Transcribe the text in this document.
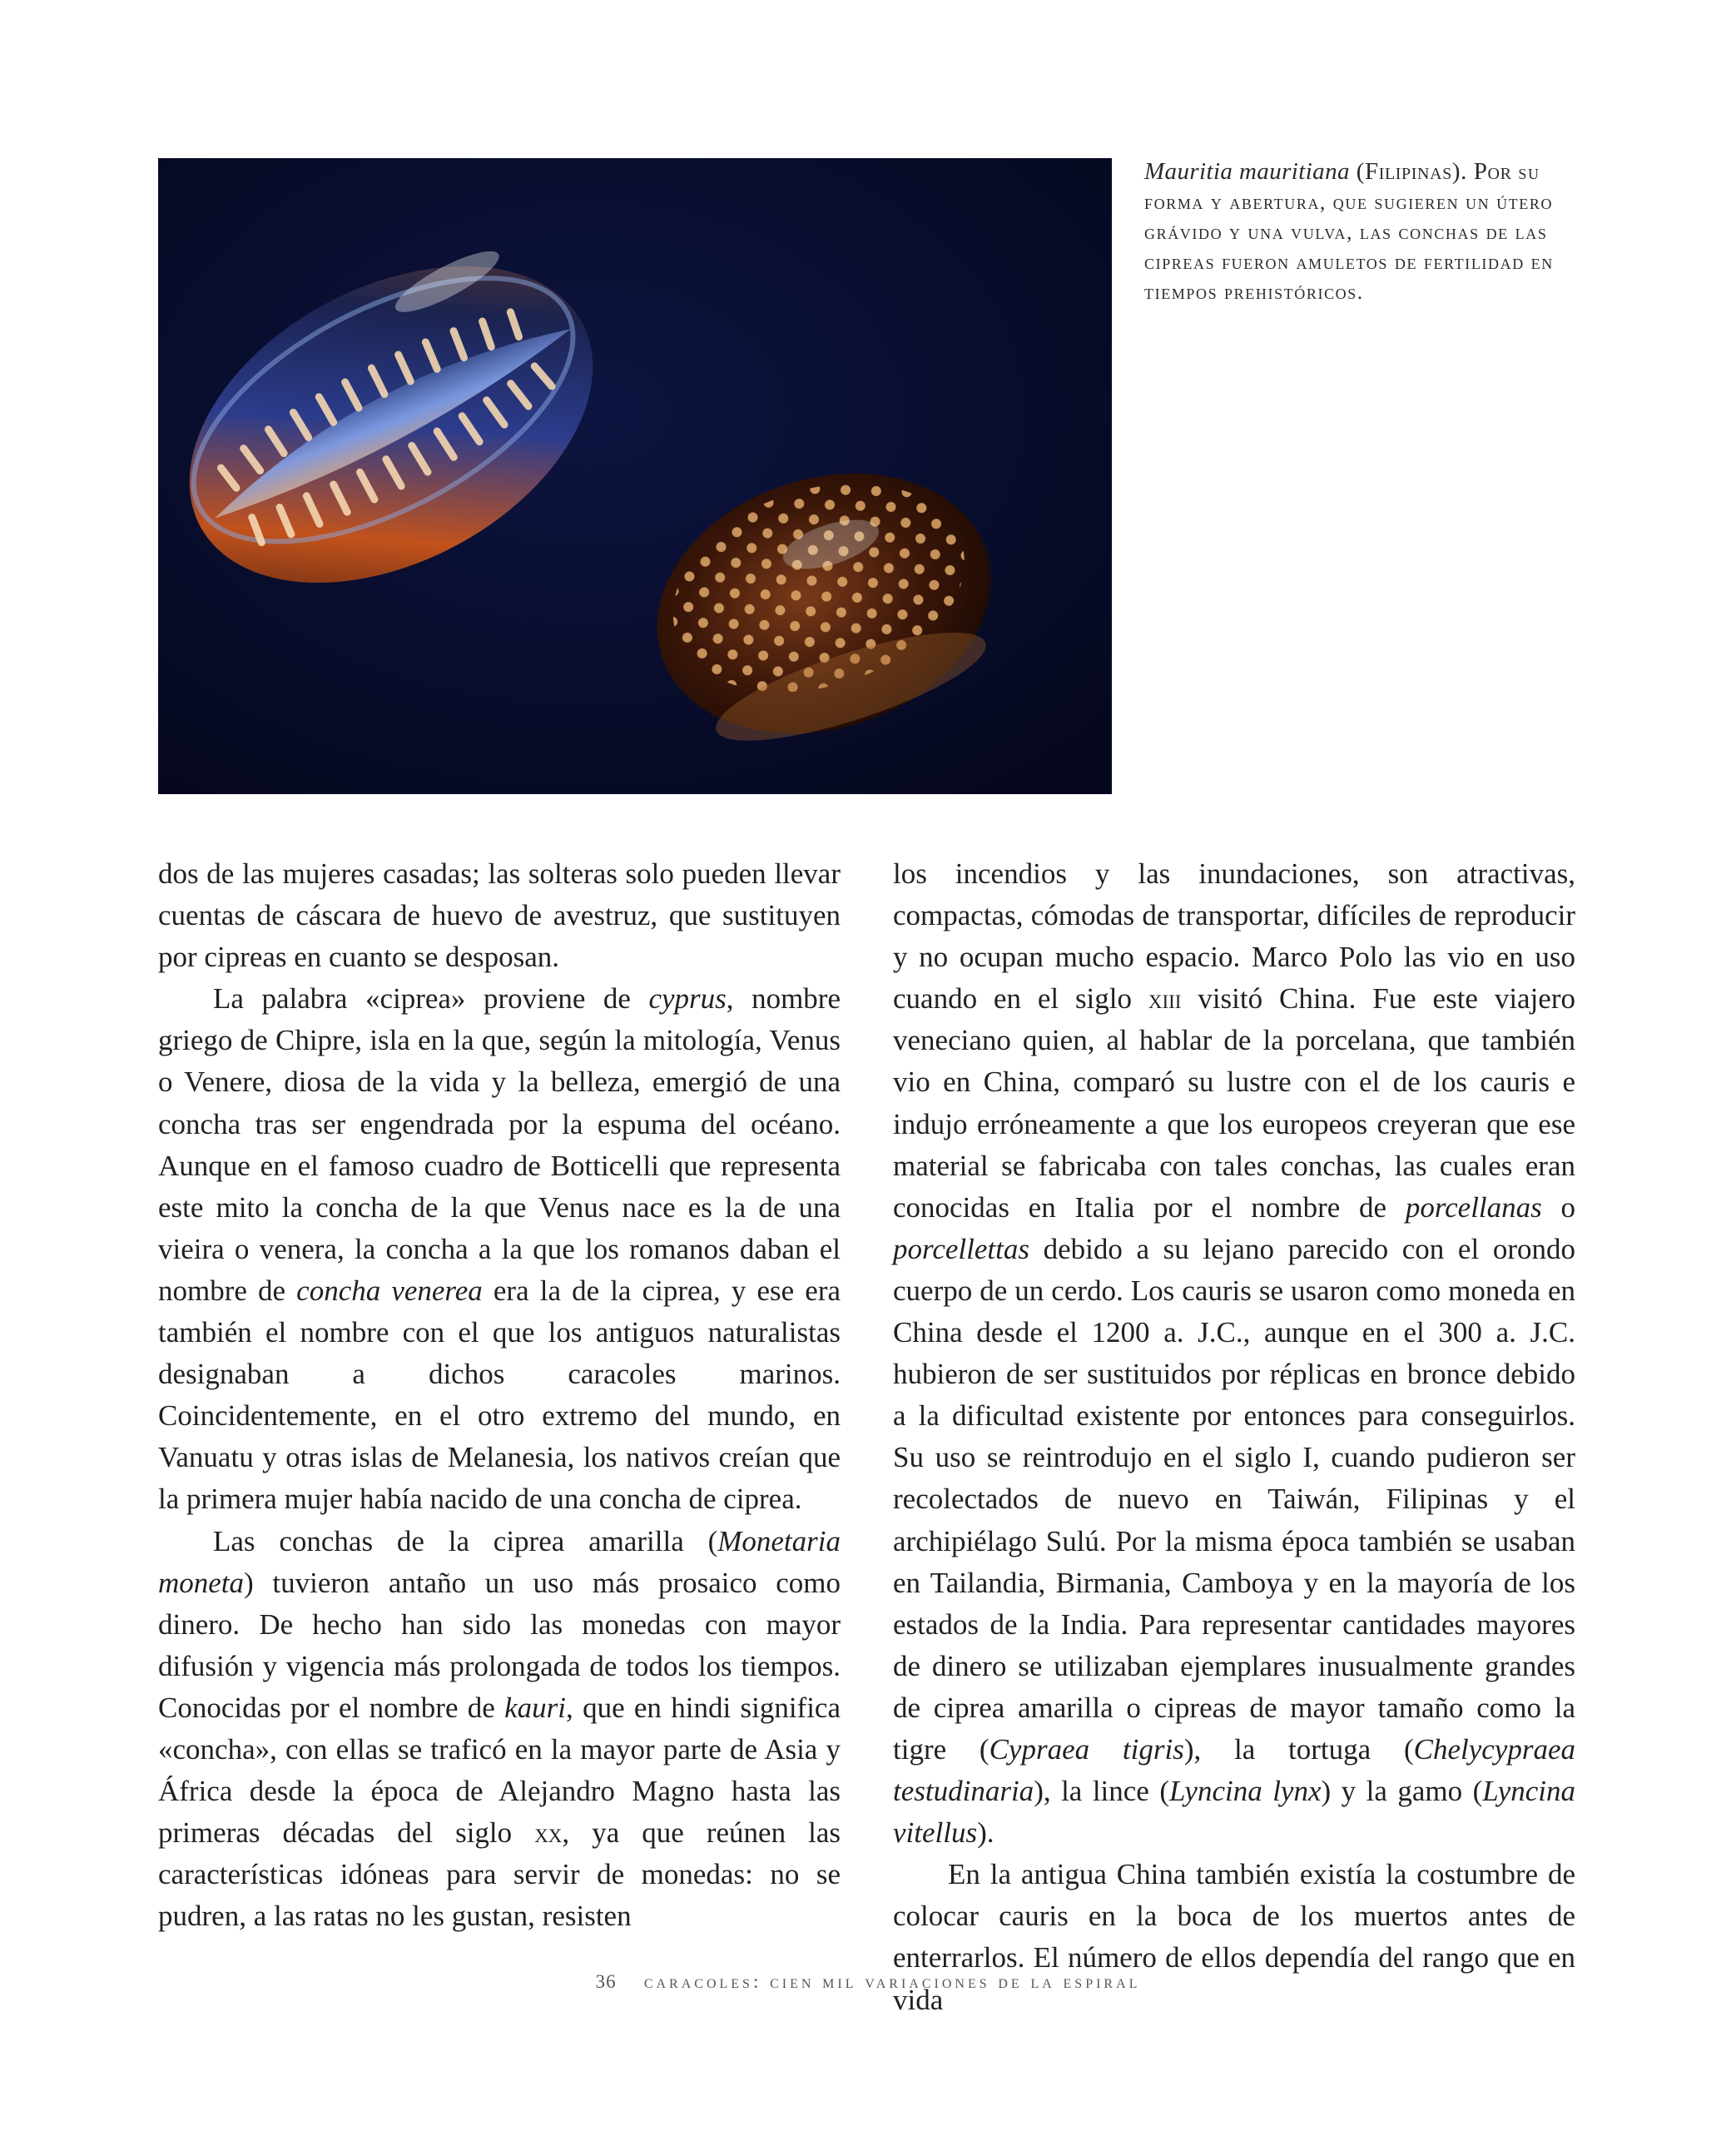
Mauritia mauritiana (Filipinas). Por su forma y abertura, que sugieren un útero grávido y una vulva, las conchas de las cipreas fueron amuletos de fertilidad en tiempos prehistóricos.

dos de las mujeres casadas; las solteras solo pueden llevar cuentas de cáscara de huevo de avestruz, que sustituyen por cipreas en cuanto se desposan.

La palabra «ciprea» proviene de cyprus, nombre griego de Chipre, isla en la que, según la mitología, Venus o Venere, diosa de la vida y la belleza, emergió de una concha tras ser engendrada por la espuma del océano. Aunque en el famoso cuadro de Botticelli que representa este mito la concha de la que Venus nace es la de una vieira o venera, la concha a la que los romanos daban el nombre de concha venerea era la de la ciprea, y ese era también el nombre con el que los antiguos naturalistas designaban a dichos caracoles marinos. Coincidentemente, en el otro extremo del mundo, en Vanuatu y otras islas de Melanesia, los nativos creían que la primera mujer había nacido de una concha de ciprea.

Las conchas de la ciprea amarilla (Monetaria moneta) tuvieron antaño un uso más prosaico como dinero. De hecho han sido las monedas con mayor difusión y vigencia más prolongada de todos los tiempos. Conocidas por el nombre de kauri, que en hindi significa «concha», con ellas se traficó en la mayor parte de Asia y África desde la época de Alejandro Magno hasta las primeras décadas del siglo xx, ya que reúnen las características idóneas para servir de monedas: no se pudren, a las ratas no les gustan, resisten

los incendios y las inundaciones, son atractivas, compactas, cómodas de transportar, difíciles de reproducir y no ocupan mucho espacio. Marco Polo las vio en uso cuando en el siglo xiii visitó China. Fue este viajero veneciano quien, al hablar de la porcelana, que también vio en China, comparó su lustre con el de los cauris e indujo erróneamente a que los europeos creyeran que ese material se fabricaba con tales conchas, las cuales eran conocidas en Italia por el nombre de porcellanas o porcellettas debido a su lejano parecido con el orondo cuerpo de un cerdo. Los cauris se usaron como moneda en China desde el 1200 a. J.C., aunque en el 300 a. J.C. hubieron de ser sustituidos por réplicas en bronce debido a la dificultad existente por entonces para conseguirlos. Su uso se reintrodujo en el siglo I, cuando pudieron ser recolectados de nuevo en Taiwán, Filipinas y el archipiélago Sulú. Por la misma época también se usaban en Tailandia, Birmania, Camboya y en la mayoría de los estados de la India. Para representar cantidades mayores de dinero se utilizaban ejemplares inusualmente grandes de ciprea amarilla o cipreas de mayor tamaño como la tigre (Cypraea tigris), la tortuga (Chelycypraea testudinaria), la lince (Lyncina lynx) y la gamo (Lyncina vitellus).

En la antigua China también existía la costumbre de colocar cauris en la boca de los muertos antes de enterrarlos. El número de ellos dependía del rango que en vida

36 caracoles: cien mil variaciones de la espiral
